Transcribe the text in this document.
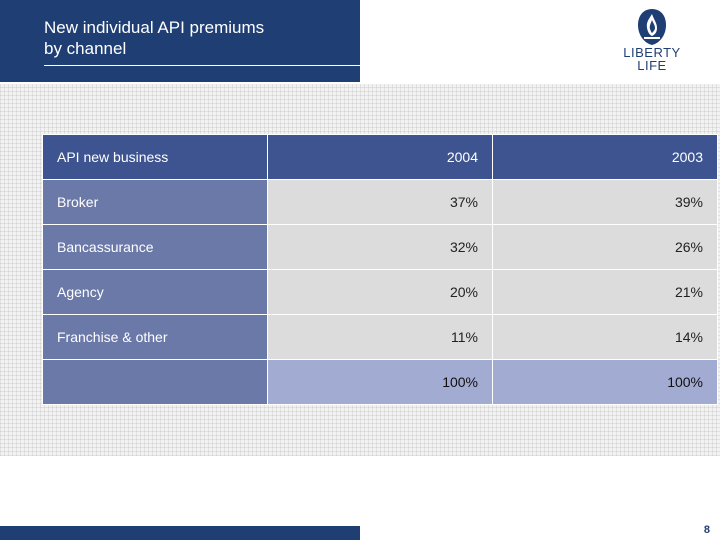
New individual API premiums
by channel	LIBERTY
LIFE
API new business	2004	2003
Broker	37%	39%
Bancassurance	32%	26%
Agency	20%	21%
Franchise & other	11%	14%
	100%	100%
8
